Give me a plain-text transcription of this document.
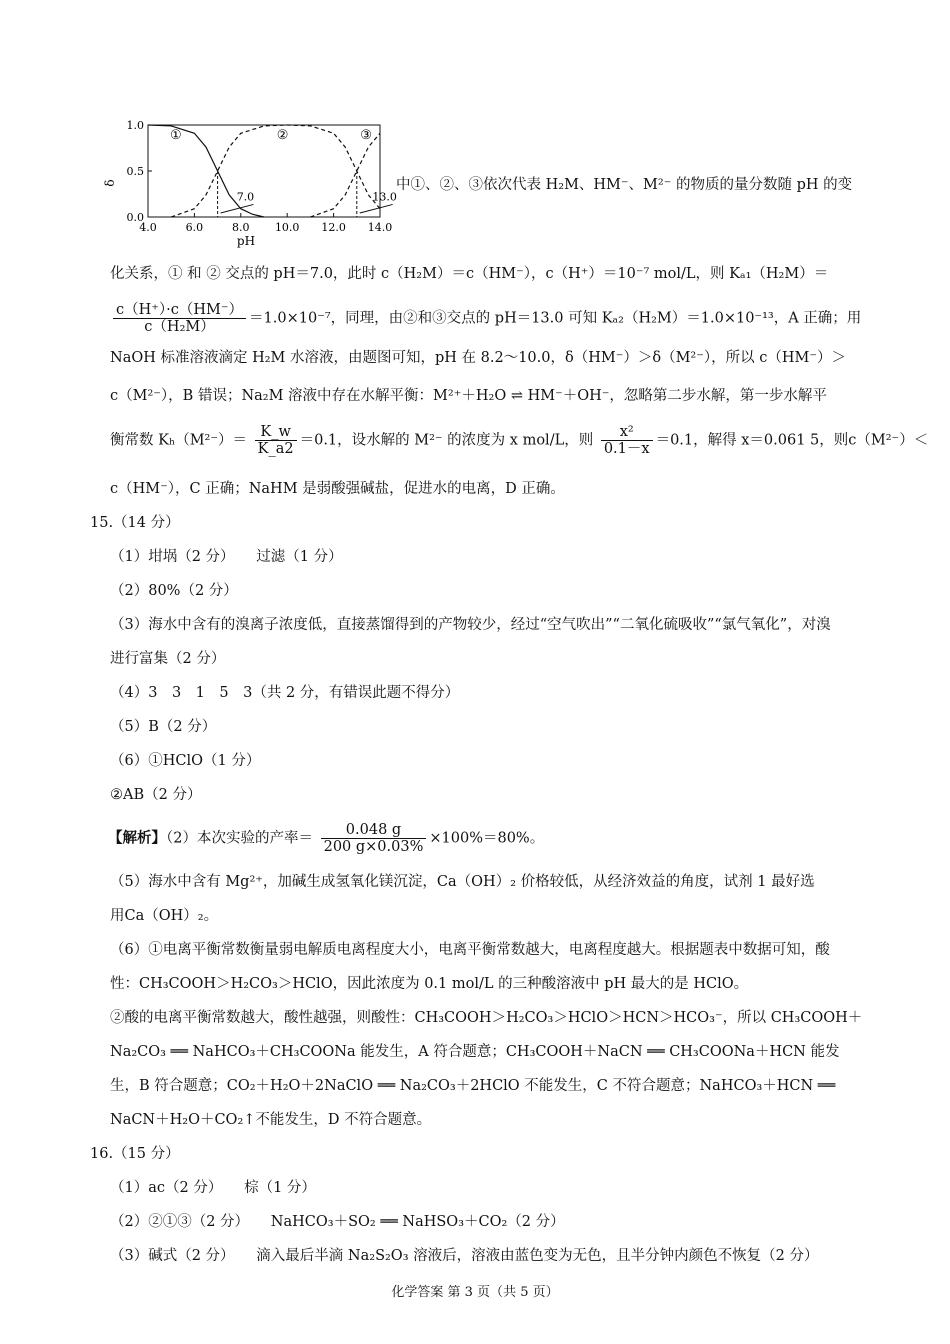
4.0	6.0	8.0 10.0 12.0 14.0
0.0
0.5
1.0
pH
δ
①	②	③
7.0	13.0
中①、②、③依次代表 H₂M、HM⁻、M²⁻ 的物质的量分数随 pH 的变
化关系，① 和 ② 交点的 pH＝7.0，此时 c（H₂M）＝c（HM⁻），c（H⁺）＝10⁻⁷ mol/L，则 Kₐ₁（H₂M）＝
$\frac{c(H^+)\cdot c(HM^-)}{\text{c（H₂M）}} =1.0\times 10^{-7}$，同理，由②和③交点的 pH＝13.0 可知 Kₐ₂（H₂M）＝1.0×10⁻¹³，A 正确；用
NaOH 标准溶液滴定 H₂M 水溶液，由题图可知，pH 在 8.2～10.0，δ（HM⁻）＞δ（M²⁻），所以 c（HM⁻）＞
c（M²⁻），B 错误；Na₂M 溶液中存在水解平衡：M²⁺＋H₂O ⇌ HM⁻＋OH⁻，忽略第二步水解，第一步水解平
衡常数 $K_h(M^{2-})= \frac{K\_w}{K\_a2} =0.1$，设水解的 M²⁻ 的浓度为 x mol/L，则 $\frac{\text{x²}}{0.1-x} =0.1$，解得 x＝0.061 5，则c（M²⁻）＜
c（HM⁻），C 正确；NaHM 是弱酸强碱盐，促进水的电离，D 正确。
15.（14 分）
（1）坩埚（2 分）　　过滤（1 分）
（2）80%（2 分）
（3）海水中含有的溴离子浓度低，直接蒸馏得到的产物较少，经过“空气吹出”“二氧化硫吸收”“氯气氧化”，对溴
进行富集（2 分）
（4）3　3　1　5　3（共 2 分，有错误此题不得分）
（5）B（2 分）
（6）①HClO（1 分）
②AB（2 分）
【解析】（2）本次实验的产率＝ $\frac{0.048 g}{200 g\times 0.03\%} \times 100\%=80\%$。
（5）海水中含有 Mg²⁺，加碱生成氢氧化镁沉淀，Ca（OH）₂ 价格较低，从经济效益的角度，试剂 1 最好选
用Ca（OH）₂。
（6）①电离平衡常数衡量弱电解质电离程度大小，电离平衡常数越大，电离程度越大。根据题表中数据可知，酸
性：CH₃COOH＞H₂CO₃＞HClO，因此浓度为 0.1 mol/L 的三种酸溶液中 pH 最大的是 HClO。
②酸的电离平衡常数越大，酸性越强，则酸性：CH₃COOH＞H₂CO₃＞HClO＞HCN＞HCO₃⁻，所以 CH₃COOH＋
Na₂CO₃ ══ NaHCO₃＋CH₃COONa 能发生，A 符合题意；CH₃COOH＋NaCN ══ CH₃COONa＋HCN 能发
生，B 符合题意；CO₂＋H₂O＋2NaClO ══ Na₂CO₃＋2HClO 不能发生，C 不符合题意；NaHCO₃＋HCN ══
NaCN＋H₂O＋CO₂↑不能发生，D 不符合题意。
16.（15 分）
（1）ac（2 分）　　棕（1 分）
（2）②①③（2 分）　　NaHCO₃＋SO₂ ══ NaHSO₃＋CO₂（2 分）
（3）碱式（2 分）　　滴入最后半滴 Na₂S₂O₃ 溶液后，溶液由蓝色变为无色，且半分钟内颜色不恢复（2 分）
化学答案 第 3 页（共 5 页）
